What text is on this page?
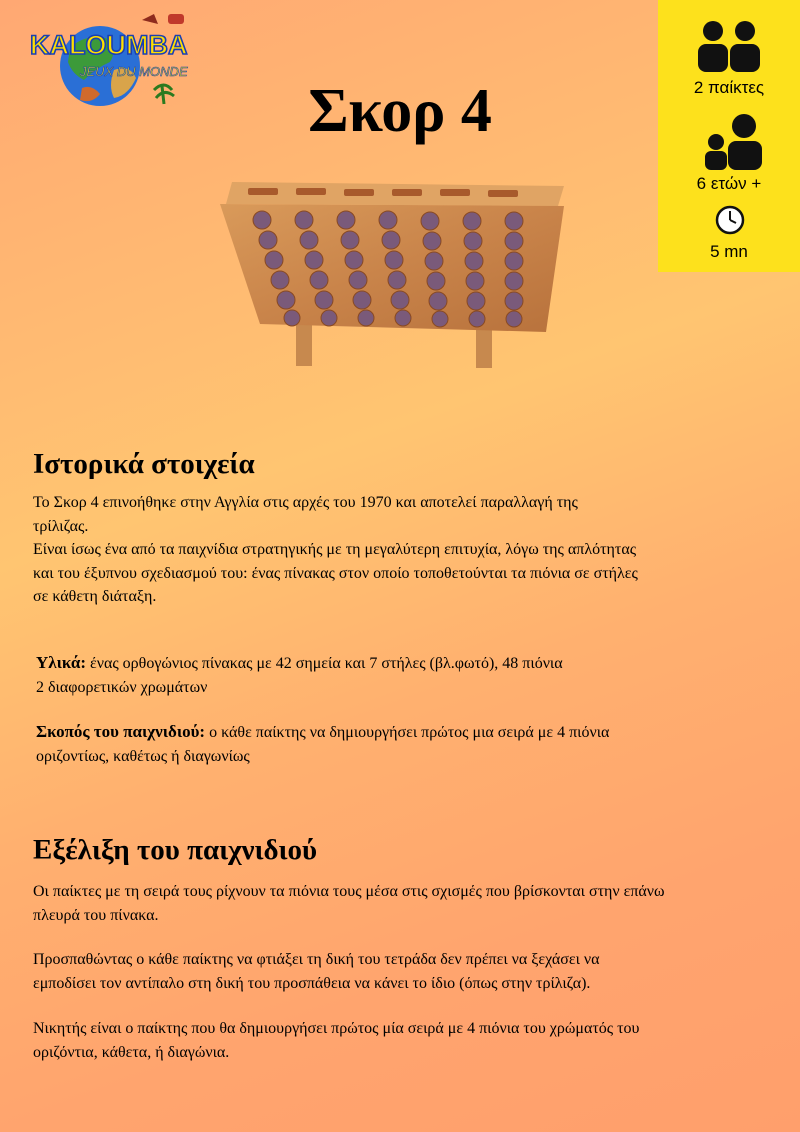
KALOUMBA
JEUX DU MONDE
Σκορ 4	2 παίκτες
6 ετών +
5 mn
Ιστορικά στοιχεία

Το Σκορ 4 επινοήθηκε στην Αγγλία στις αρχές του 1970 και αποτελεί παραλλαγή της

τρίλιζας.

Είναι ίσως ένα από τα παιχνίδια στρατηγικής με τη μεγαλύτερη επιτυχία, λόγω της απλότητας

και του έξυπνου σχεδιασμού του: ένας πίνακας στον οποίο τοποθετούνται τα πιόνια σε στήλες

σε κάθετη διάταξη.

Υλικά: ένας ορθογώνιος πίνακας με 42 σημεία και 7 στήλες (βλ.φωτό), 48 πιόνια

2 διαφορετικών χρωμάτων

Σκοπός του παιχνιδιού: ο κάθε παίκτης να δημιουργήσει πρώτος μια σειρά με 4 πιόνια

οριζοντίως, καθέτως ή διαγωνίως

Εξέλιξη του παιχνιδιού

Οι παίκτες με τη σειρά τους ρίχνουν τα πιόνια τους μέσα στις σχισμές που βρίσκονται στην επάνω

πλευρά του πίνακα.

Προσπαθώντας ο κάθε παίκτης να φτιάξει τη δική του τετράδα δεν πρέπει να ξεχάσει να

εμποδίσει τον αντίπαλο στη δική του προσπάθεια να κάνει το ίδιο (όπως στην τρίλιζα).

Νικητής είναι ο παίκτης που θα δημιουργήσει πρώτος μία σειρά με 4 πιόνια του χρώματός του

οριζόντια, κάθετα, ή διαγώνια.
